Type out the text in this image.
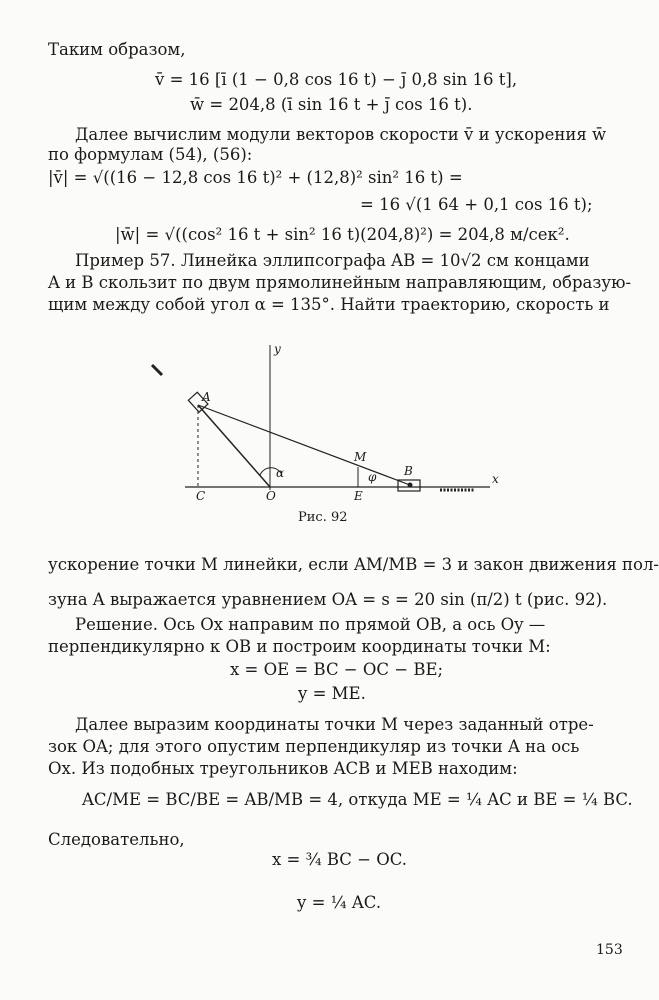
Таким образом,
v̄ = 16 [ī (1 − 0,8 cos 16 t) − j̄ 0,8 sin 16 t],
w̄ = 204,8 (ī sin 16 t + j̄ cos 16 t).
Далее вычислим модули векторов скорости v̄ и ускорения w̄
по формулам (54), (56):
|v̄| = √((16 − 12,8 cos 16 t)² + (12,8)² sin² 16 t) =
= 16 √(1 64 + 0,1 cos 16 t);
|w̄| = √((cos² 16 t + sin² 16 t)(204,8)²) = 204,8 м/сек².
Пример 57. Линейка эллипсографа AB = 10√2 см концами
A и B скользит по двум прямолинейным направляющим, образую-
щим между собой угол α = 135°. Найти траекторию, скорость и
A
B
C	O	E
M
x
y
α	φ
Рис. 92
ускорение точки M линейки, если AM/MB = 3 и закон движения пол-
зуна A выражается уравнением OA = s = 20 sin (π/2) t (рис. 92).
Решение. Ось Ox направим по прямой OB, а ось Oy —
перпендикулярно к OB и построим координаты точки M:
x = OE = BC − OC − BE;
y = ME.
Далее выразим координаты точки M через заданный отре-
зок OA; для этого опустим перпендикуляр из точки A на ось
Ox. Из подобных треугольников ACB и MEB находим:
AC/ME = BC/BE = AB/MB = 4, откуда ME = ¼ AC и BE = ¼ BC.
Следовательно,
x = ¾ BC − OC.
y = ¼ AC.
153
